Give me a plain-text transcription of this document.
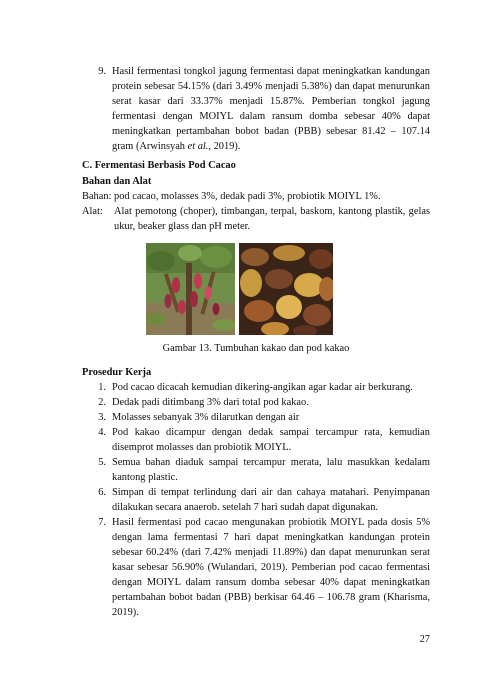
9. Hasil fermentasi tongkol jagung fermentasi dapat meningkatkan kandungan protein sebesar 54.15% (dari 3.49% menjadi 5.38%) dan dapat menurunkan serat kasar dari 33.37% menjadi 15.87%. Pemberian tongkol jagung fermentasi dengan MOIYL dalam ransum domba sebesar 40% dapat meningkatkan pertambahan bobot badan (PBB) sebesar 81.42 – 107.14 gram (Arwinsyah et al., 2019).
C. Fermentasi Berbasis Pod Cacao
Bahan dan Alat
Bahan: pod cacao, molasses 3%, dedak padi 3%, probiotik MOIYL 1%.
Alat: Alat pemotong (choper), timbangan, terpal, baskom, kantong plastik, gelas ukur, beaker glass dan pH meter.
Gambar 13. Tumbuhan kakao dan pod kakao
Prosedur Kerja
1. Pod cacao dicacah kemudian dikering-angikan agar kadar air berkurang.
2. Dedak padi ditimbang 3% dari total pod kakao.
3. Molasses sebanyak 3% dilarutkan dengan air
4. Pod kakao dicampur dengan dedak sampai tercampur rata, kemudian disemprot molasses dan probiotik MOIYL.
5. Semua bahan diaduk sampai tercampur merata, lalu masukkan kedalam kantong plastic.
6. Simpan di tempat terlindung dari air dan cahaya matahari. Penyimpanan dilakukan secara anaerob. setelah 7 hari sudah dapat digunakan.
7. Hasil fermentasi pod cacao mengunakan probiotik MOIYL pada dosis 5% dengan lama fermentasi 7 hari dapat meningkatkan kandungan protein sebesar 60.24% (dari 7.42% menjadi 11.89%) dan dapat menurunkan serat kasar sebesar 56.90% (Wulandari, 2019). Pemberian pod cacao fermentasi dengan MOIYL dalam ransum domba sebesar 40% dapat meningkatkan pertambahan bobot badan (PBB) berkisar 64.46 – 106.78 gram (Kharisma, 2019).
27
